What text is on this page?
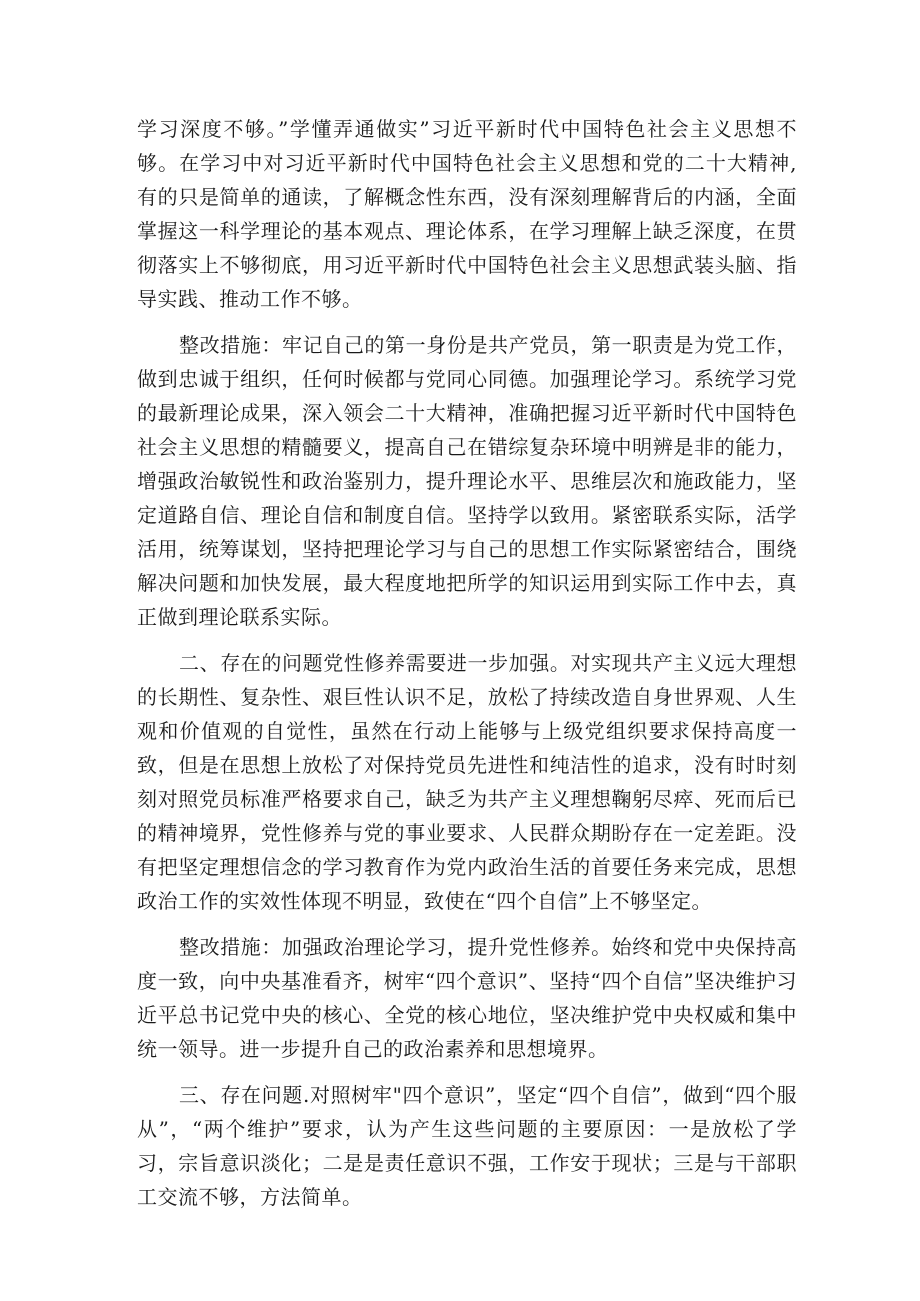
学习深度不够。”学懂弄通做实”习近平新时代中国特色社会主义思想不够。在学习中对习近平新时代中国特色社会主义思想和党的二十大精神,有的只是简单的通读，了解概念性东西，没有深刻理解背后的内涵，全面掌握这一科学理论的基本观点、理论体系，在学习理解上缺乏深度，在贯彻落实上不够彻底，用习近平新时代中国特色社会主义思想武装头脑、指导实践、推动工作不够。

整改措施：牢记自己的第一身份是共产党员，第一职责是为党工作，做到忠诚于组织，任何时候都与党同心同德。加强理论学习。系统学习党的最新理论成果，深入领会二十大精神，准确把握习近平新时代中国特色社会主义思想的精髓要义，提高自己在错综复杂环境中明辨是非的能力，增强政治敏锐性和政治鉴别力，提升理论水平、思维层次和施政能力，坚定道路自信、理论自信和制度自信。坚持学以致用。紧密联系实际，活学活用，统筹谋划，坚持把理论学习与自己的思想工作实际紧密结合，围绕解决问题和加快发展，最大程度地把所学的知识运用到实际工作中去，真正做到理论联系实际。

二、存在的问题党性修养需要进一步加强。对实现共产主义远大理想的长期性、复杂性、艰巨性认识不足，放松了持续改造自身世界观、人生观和价值观的自觉性，虽然在行动上能够与上级党组织要求保持高度一致，但是在思想上放松了对保持党员先进性和纯洁性的追求，没有时时刻刻对照党员标准严格要求自己，缺乏为共产主义理想鞠躬尽瘁、死而后已的精神境界，党性修养与党的事业要求、人民群众期盼存在一定差距。没有把坚定理想信念的学习教育作为党内政治生活的首要任务来完成，思想政治工作的实效性体现不明显，致使在“四个自信”上不够坚定。

整改措施：加强政治理论学习，提升党性修养。始终和党中央保持高度一致，向中央基准看齐，树牢“四个意识”、坚持“四个自信”坚决维护习近平总书记党中央的核心、全党的核心地位，坚决维护党中央权威和集中统一领导。进一步提升自己的政治素养和思想境界。

三、存在问题.对照树牢"四个意识”，坚定“四个自信”，做到“四个服从”，“两个维护”要求，认为产生这些问题的主要原因：一是放松了学习，宗旨意识淡化；二是是责任意识不强，工作安于现状；三是与干部职工交流不够，方法简单。
